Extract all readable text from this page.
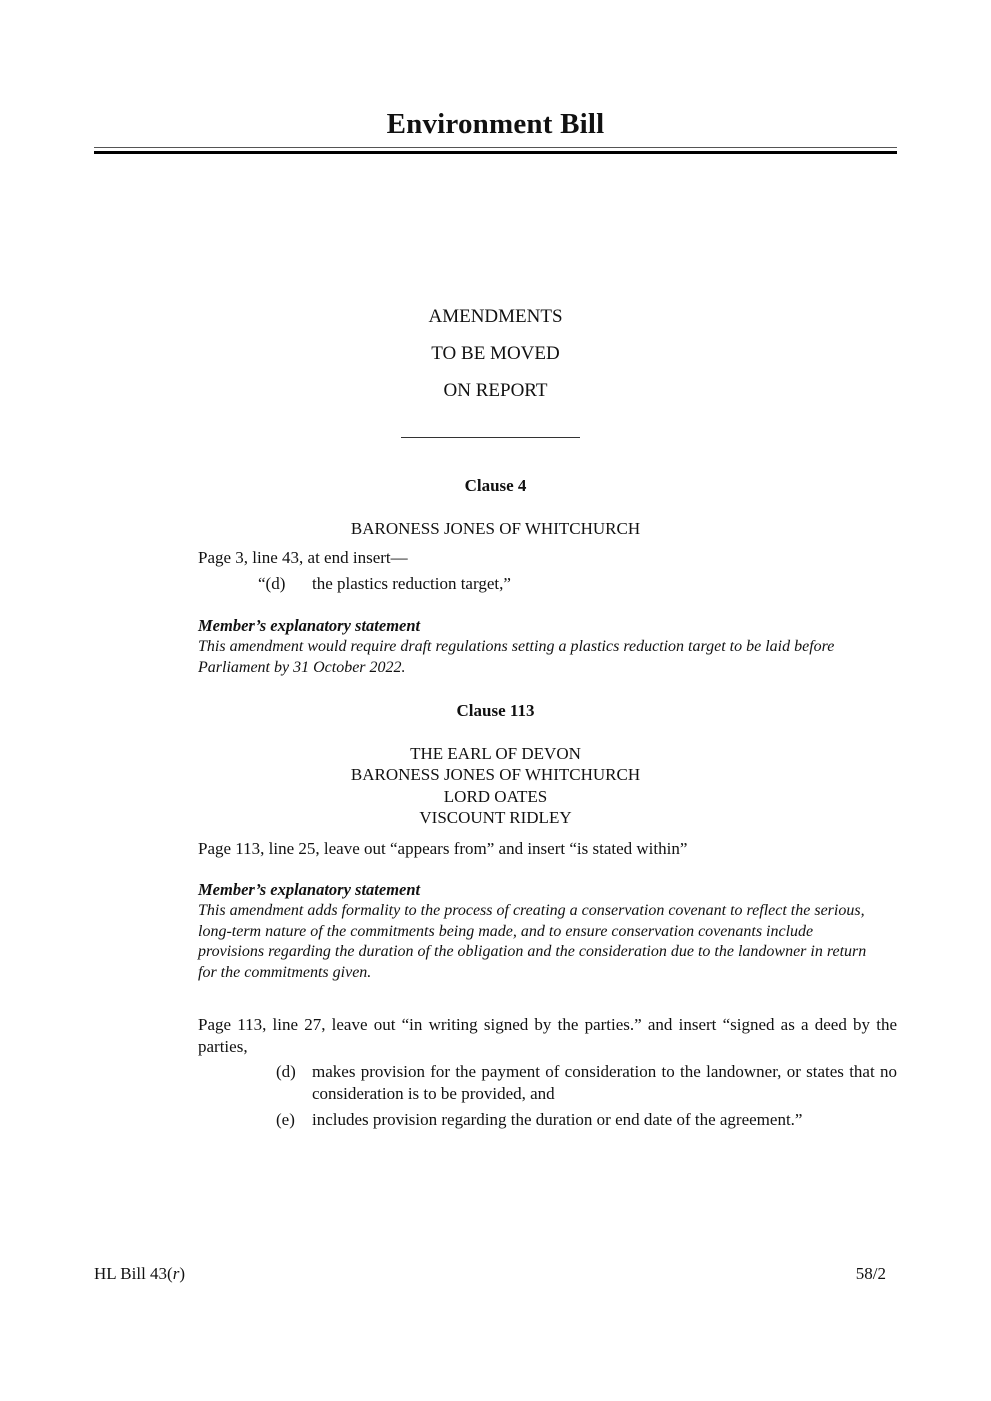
Environment Bill
AMENDMENTS
TO BE MOVED
ON REPORT
Clause 4
BARONESS JONES OF WHITCHURCH
Page 3, line 43, at end insert—
“(d)	the plastics reduction target,”
Member’s explanatory statement
This amendment would require draft regulations setting a plastics reduction target to be laid before Parliament by 31 October 2022.
Clause 113
THE EARL OF DEVON
BARONESS JONES OF WHITCHURCH
LORD OATES
VISCOUNT RIDLEY
Page 113, line 25, leave out “appears from” and insert “is stated within”
Member’s explanatory statement
This amendment adds formality to the process of creating a conservation covenant to reflect the serious, long-term nature of the commitments being made, and to ensure conservation covenants include provisions regarding the duration of the obligation and the consideration due to the landowner in return for the commitments given.
Page 113, line 27, leave out “in writing signed by the parties.” and insert “signed as a deed by the parties,
(d) makes provision for the payment of consideration to the landowner, or states that no consideration is to be provided, and
(e)	includes provision regarding the duration or end date of the agreement.”
HL Bill 43(r)	58/2
